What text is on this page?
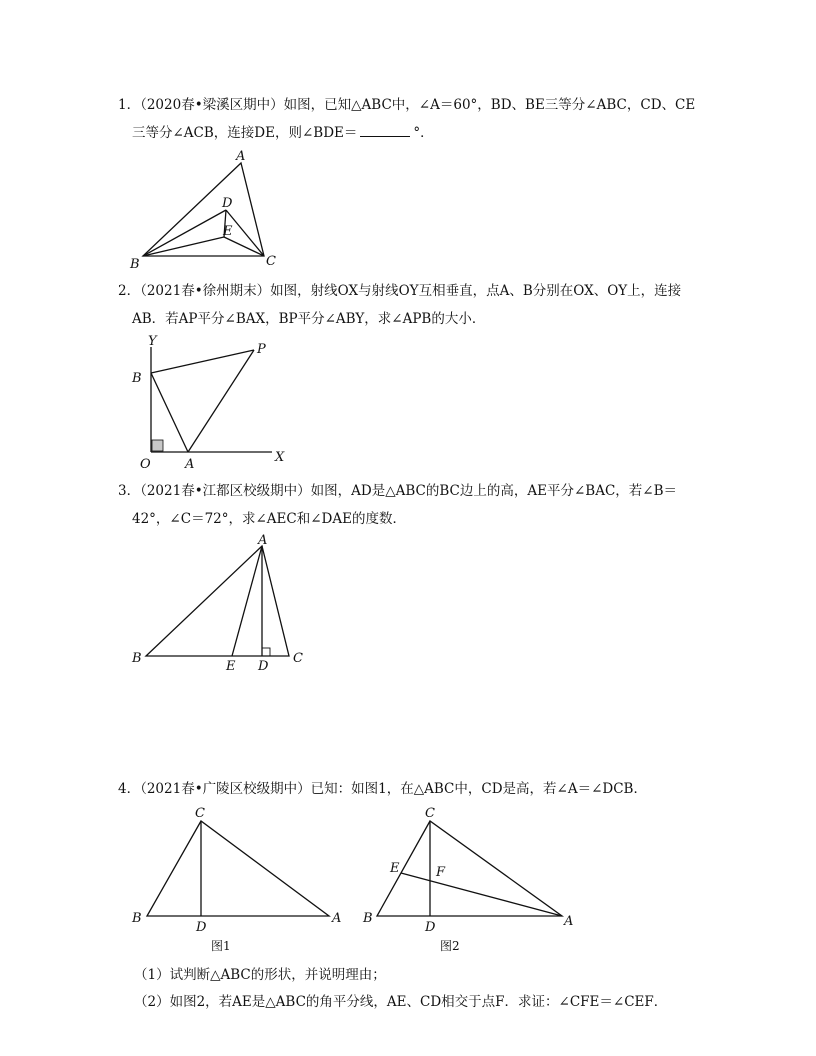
1．（2020春•梁溪区期中）如图，已知△ABC中，∠A＝60°，BD、BE三等分∠ABC，CD、CE
三等分∠ACB，连接DE，则∠BDE＝	°．
A
B	C
D
E
2．（2021春•徐州期末）如图，射线OX与射线OY互相垂直，点A、B分别在OX、OY上，连接
AB．若AP平分∠BAX，BP平分∠ABY，求∠APB的大小．
Y
P
B
O	A	X
3．（2021春•江都区校级期中）如图，AD是△ABC的BC边上的高，AE平分∠BAC，若∠B＝
42°，∠C＝72°，求∠AEC和∠DAE的度数．
A
B
E D
C
4．（2021春•广陵区校级期中）已知：如图1，在△ABC中，CD是高，若∠A＝∠DCB．
C
B
D
A
图1
C
E	F
B
D	A
图2
（1）试判断△ABC的形状，并说明理由；
（2）如图2，若AE是△ABC的角平分线，AE、CD相交于点F．求证：∠CFE＝∠CEF．
